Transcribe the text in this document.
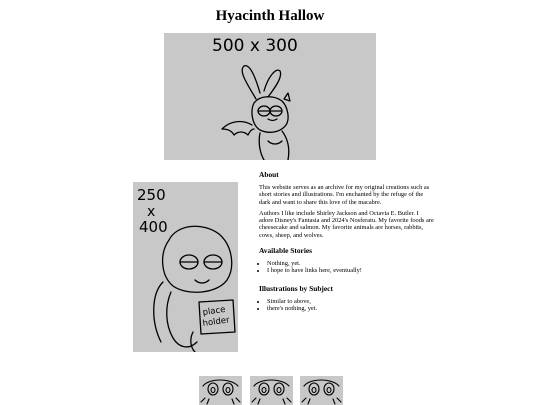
Hyacinth Hallow
500 x 300
250
x
400
place
holder
About

This website serves as an archive for my original creations such as short stories and illustrations. I'm enchanted by the refuge of the dark and want to share this love of the macabre.

Authors I like include Shirley Jackson and Octavia E. Butler. I adore Disney's Fantasia and 2024's Nosferatu. My favorite foods are cheesecake and salmon. My favorite animals are horses, rabbits, cows, sheep, and wolves.

Available Stories
• Nothing, yet.
• I hope to have links here, eventually!
Illustrations by Subject
• Similar to above,
• there's nothing, yet.
